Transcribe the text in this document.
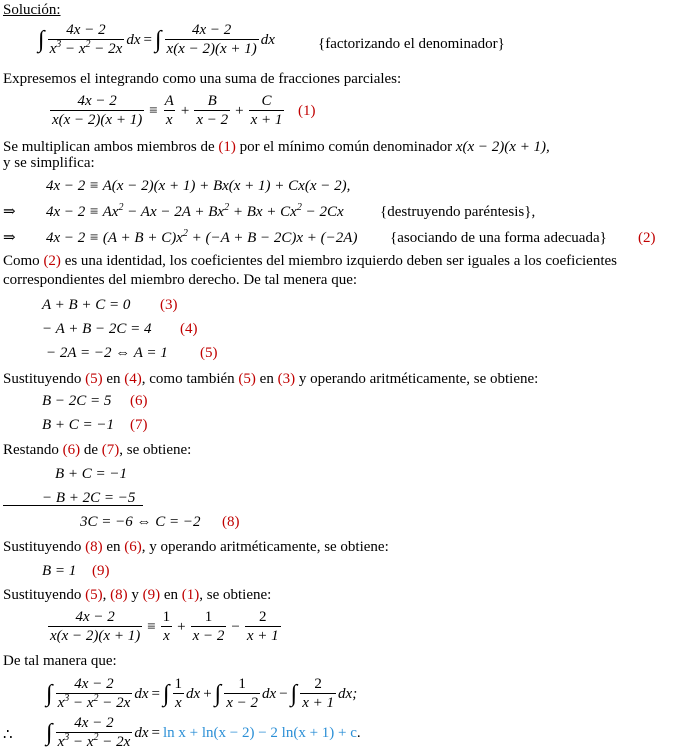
Solución:
∫ $\frac{4x - 2}{x^3 - x^2 - 2x}$ dx = ∫ $\frac{4x - 2}{x(x - 2)(x + 1)}$ dx	{factorizando el denominador}
Expresemos el integrando como una suma de fracciones parciales:
$\frac{4x - 2}{x(x - 2)(x + 1)} \equiv \frac{A}{x} + \frac{B}{x - 2} + \frac{C}{x + 1} (1)$
Se multiplican ambos miembros de (1) por el mínimo común denominador x(x − 2)(x + 1),
y se simplifica:
4x − 2 ≡ A(x − 2)(x + 1) + Bx(x + 1) + Cx(x − 2),
⇒ $4x - 2 \equiv Ax^2 - Ax - 2A + Bx^2 + Bx + Cx^2 - 2Cx$ {destruyendo paréntesis},
⇒ $4x - 2 \equiv (A + B + C)x^2 + (-A + B - 2C)x + (-2A)$ {asociando de una forma adecuada} (2)
Como (2) es una identidad, los coeficientes del miembro izquierdo deben ser iguales a los coeficientes
correspondientes del miembro derecho. De tal menera que:
A + B + C = 0 (3)
− A + B − 2C = 4 (4)
− 2A = −2 ⇔ A = 1 (5)
Sustituyendo (5) en (4), como también (5) en (3) y operando aritméticamente, se obtiene:
B − 2C = 5 (6)
B + C = −1 (7)
Restando (6) de (7), se obtiene:
B + C = −1
− B + 2C = −5
3C = −6 ⇔ C = −2 (8)
Sustituyendo (8) en (6), y operando aritméticamente, se obtiene:
B = 1 (9)
Sustituyendo (5), (8) y (9) en (1), se obtiene:
$\frac{4x - 2}{x(x - 2)(x + 1)} \equiv \frac{1}{x} + \frac{1}{x - 2} - \frac{2}{x + 1}$
De tal manera que:
∫ $\frac{4x - 2}{x^3 - x^2 - 2x}$ dx = ∫ $\frac{1}{x}$ dx + ∫ $\frac{1}{x - 2}$ dx − ∫ $\frac{2}{x + 1}$ dx;
∴ ∫ $\frac{4x - 2}{x^3 - x^2 - 2x}$ dx = ln x + ln(x − 2) − 2 ln(x + 1) + c .
